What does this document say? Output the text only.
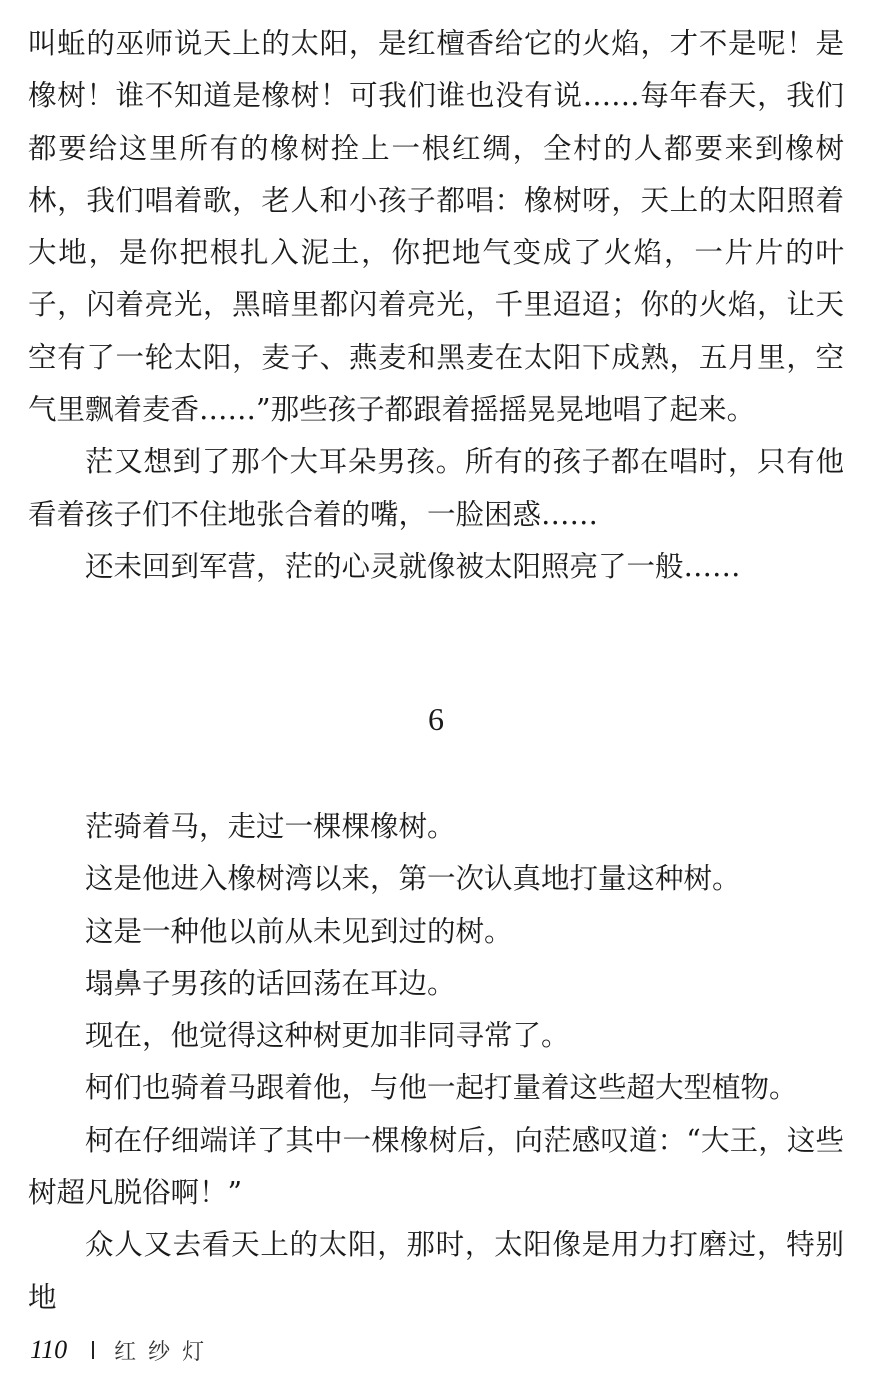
叫蚯的巫师说天上的太阳，是红檀香给它的火焰，才不是呢！是橡树！谁不知道是橡树！可我们谁也没有说……每年春天，我们都要给这里所有的橡树拴上一根红绸，全村的人都要来到橡树林，我们唱着歌，老人和小孩子都唱：橡树呀，天上的太阳照着大地，是你把根扎入泥土，你把地气变成了火焰，一片片的叶子，闪着亮光，黑暗里都闪着亮光，千里迢迢；你的火焰，让天空有了一轮太阳，麦子、燕麦和黑麦在太阳下成熟，五月里，空气里飘着麦香……”那些孩子都跟着摇摇晃晃地唱了起来。

茫又想到了那个大耳朵男孩。所有的孩子都在唱时，只有他看着孩子们不住地张合着的嘴，一脸困惑……

还未回到军营，茫的心灵就像被太阳照亮了一般……

6

茫骑着马，走过一棵棵橡树。

这是他进入橡树湾以来，第一次认真地打量这种树。

这是一种他以前从未见到过的树。

塌鼻子男孩的话回荡在耳边。

现在，他觉得这种树更加非同寻常了。

柯们也骑着马跟着他，与他一起打量着这些超大型植物。

柯在仔细端详了其中一棵橡树后，向茫感叹道：“大王，这些树超凡脱俗啊！”

众人又去看天上的太阳，那时，太阳像是用力打磨过，特别地

110 红纱灯
